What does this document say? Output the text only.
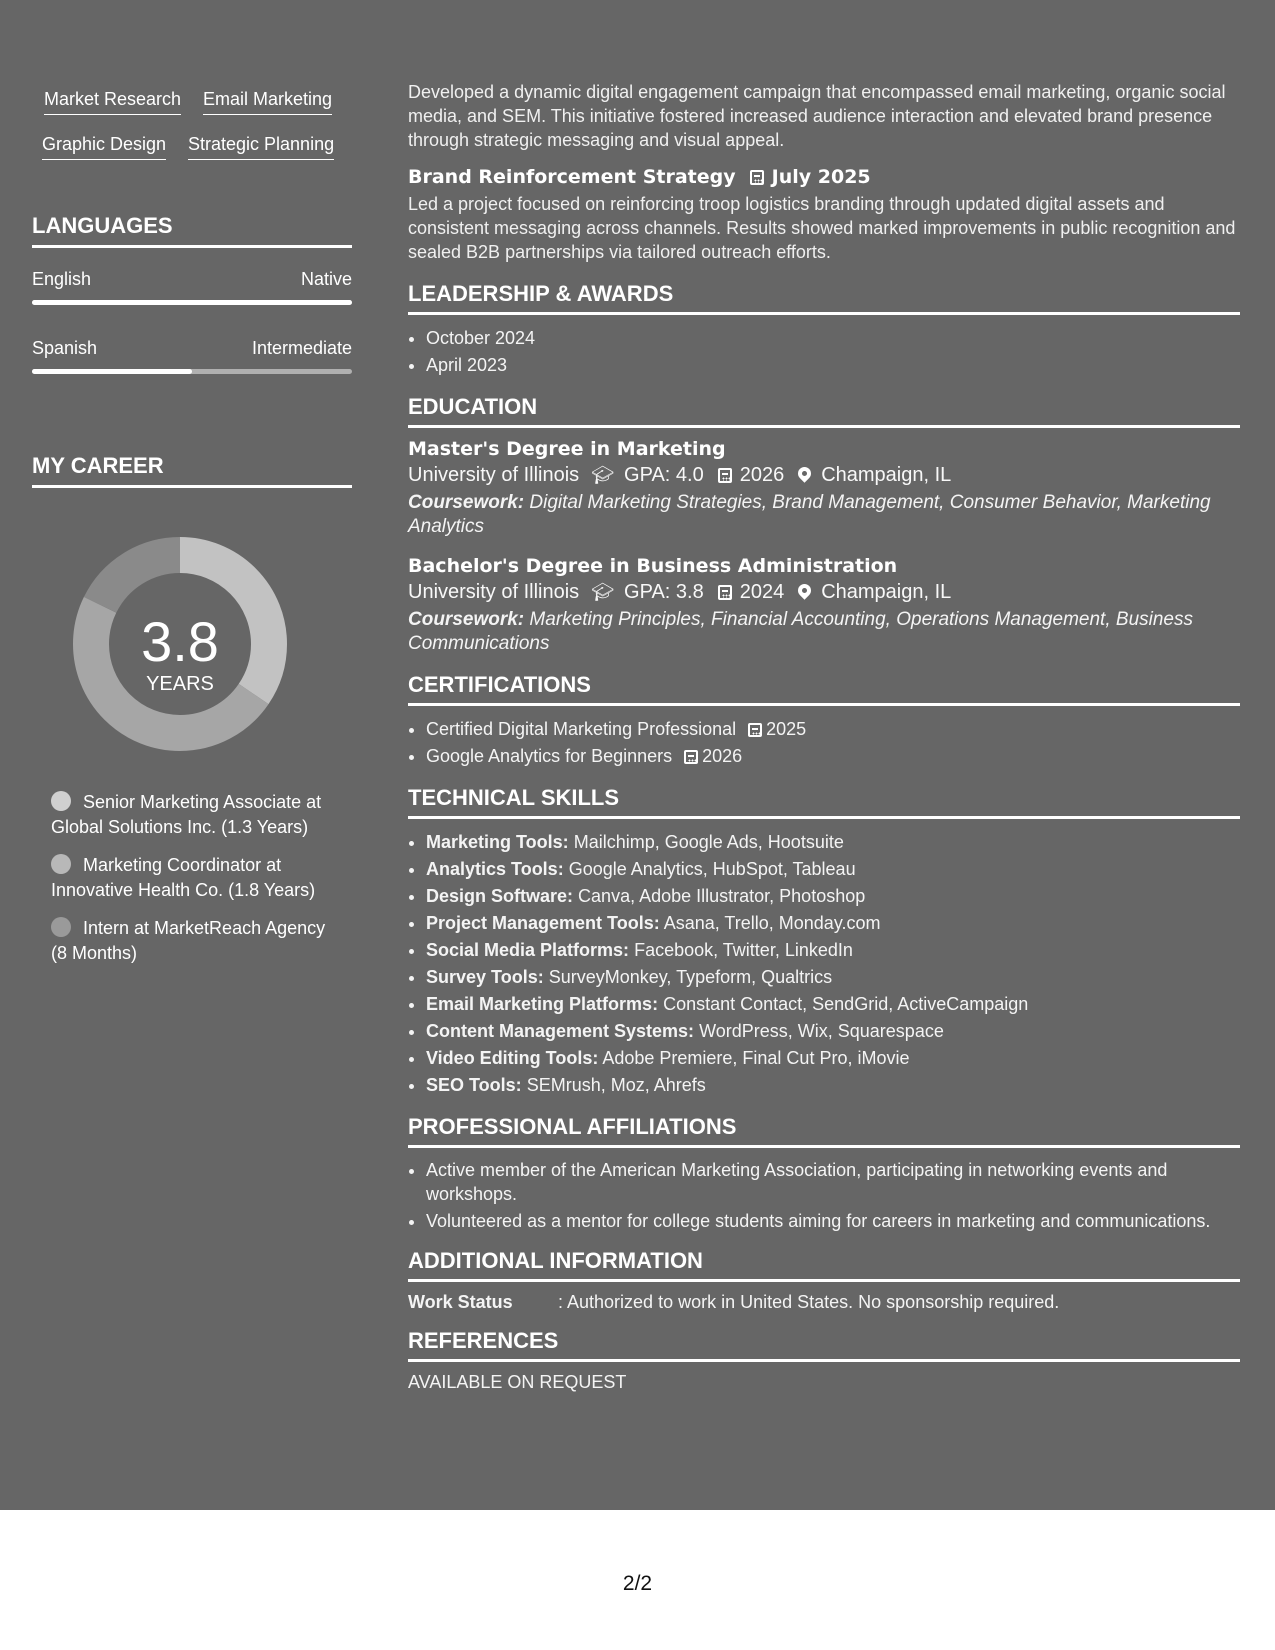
Market Research Email Marketing
Graphic Design Strategic Planning
LANGUAGES
English	Native
Spanish	Intermediate
MY CAREER
3.8
YEARS
Senior Marketing Associate at Global Solutions Inc. (1.3 Years)
Marketing Coordinator at Innovative Health Co. (1.8 Years)
Intern at MarketReach Agency (8 Months)

Developed a dynamic digital engagement campaign that encompassed email marketing, organic social media, and SEM. This initiative fostered increased audience interaction and elevated brand presence through strategic messaging and visual appeal.

Brand Reinforcement Strategy July 2025

Led a project focused on reinforcing troop logistics branding through updated digital assets and consistent messaging across channels. Results showed marked improvements in public recognition and sealed B2B partnerships via tailored outreach efforts.

LEADERSHIP & AWARDS
• October 2024
• April 2023
EDUCATION
Master's Degree in Marketing
University of Illinois 🎓︎ GPA: 4.0 2026 Champaign, IL
Coursework: Digital Marketing Strategies, Brand Management, Consumer Behavior, Marketing Analytics
Bachelor's Degree in Business Administration
University of Illinois 🎓︎ GPA: 3.8 2024 Champaign, IL
Coursework: Marketing Principles, Financial Accounting, Operations Management, Business Communications
CERTIFICATIONS
• Certified Digital Marketing Professional 2025
• Google Analytics for Beginners 2026
TECHNICAL SKILLS
• Marketing Tools: Mailchimp, Google Ads, Hootsuite
• Analytics Tools: Google Analytics, HubSpot, Tableau
• Design Software: Canva, Adobe Illustrator, Photoshop
• Project Management Tools: Asana, Trello, Monday.com
• Social Media Platforms: Facebook, Twitter, LinkedIn
• Survey Tools: SurveyMonkey, Typeform, Qualtrics
• Email Marketing Platforms: Constant Contact, SendGrid, ActiveCampaign
• Content Management Systems: WordPress, Wix, Squarespace
• Video Editing Tools: Adobe Premiere, Final Cut Pro, iMovie
• SEO Tools: SEMrush, Moz, Ahrefs
PROFESSIONAL AFFILIATIONS
• Active member of the American Marketing Association, participating in networking events and workshops.
• Volunteered as a mentor for college students aiming for careers in marketing and communications.
ADDITIONAL INFORMATION
Work Status	: Authorized to work in United States. No sponsorship required.
REFERENCES
AVAILABLE ON REQUEST
2/2
